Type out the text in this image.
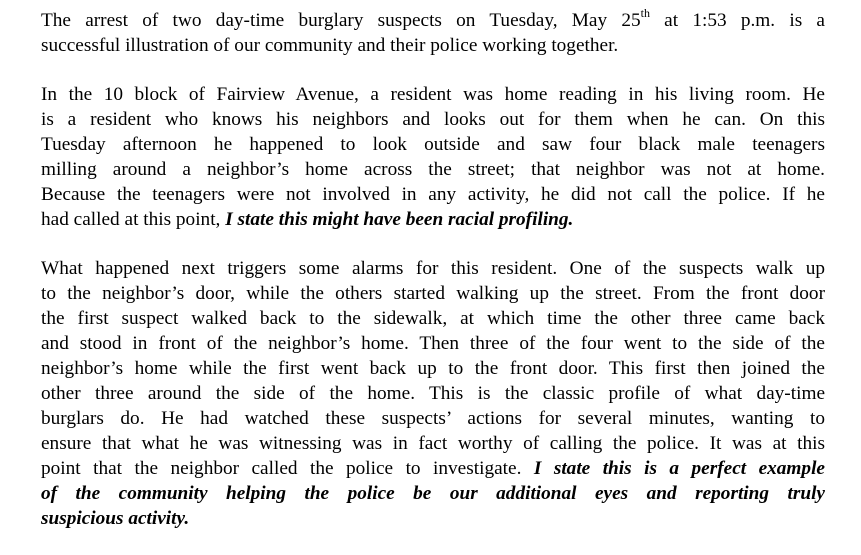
The arrest of two day-time burglary suspects on Tuesday, May 25th at 1:53 p.m. is a
successful illustration of our community and their police working together.
In the 10 block of Fairview Avenue, a resident was home reading in his living room. He
is a resident who knows his neighbors and looks out for them when he can. On this
Tuesday afternoon he happened to look outside and saw four black male teenagers
milling around a neighbor’s home across the street; that neighbor was not at home.
Because the teenagers were not involved in any activity, he did not call the police. If he
had called at this point, I state this might have been racial profiling.
What happened next triggers some alarms for this resident. One of the suspects walk up
to the neighbor’s door, while the others started walking up the street. From the front door
the first suspect walked back to the sidewalk, at which time the other three came back
and stood in front of the neighbor’s home. Then three of the four went to the side of the
neighbor’s home while the first went back up to the front door. This first then joined the
other three around the side of the home. This is the classic profile of what day-time
burglars do. He had watched these suspects’ actions for several minutes, wanting to
ensure that what he was witnessing was in fact worthy of calling the police. It was at this
point that the neighbor called the police to investigate. I state this is a perfect example
of the community helping the police be our additional eyes and reporting truly
suspicious activity.
